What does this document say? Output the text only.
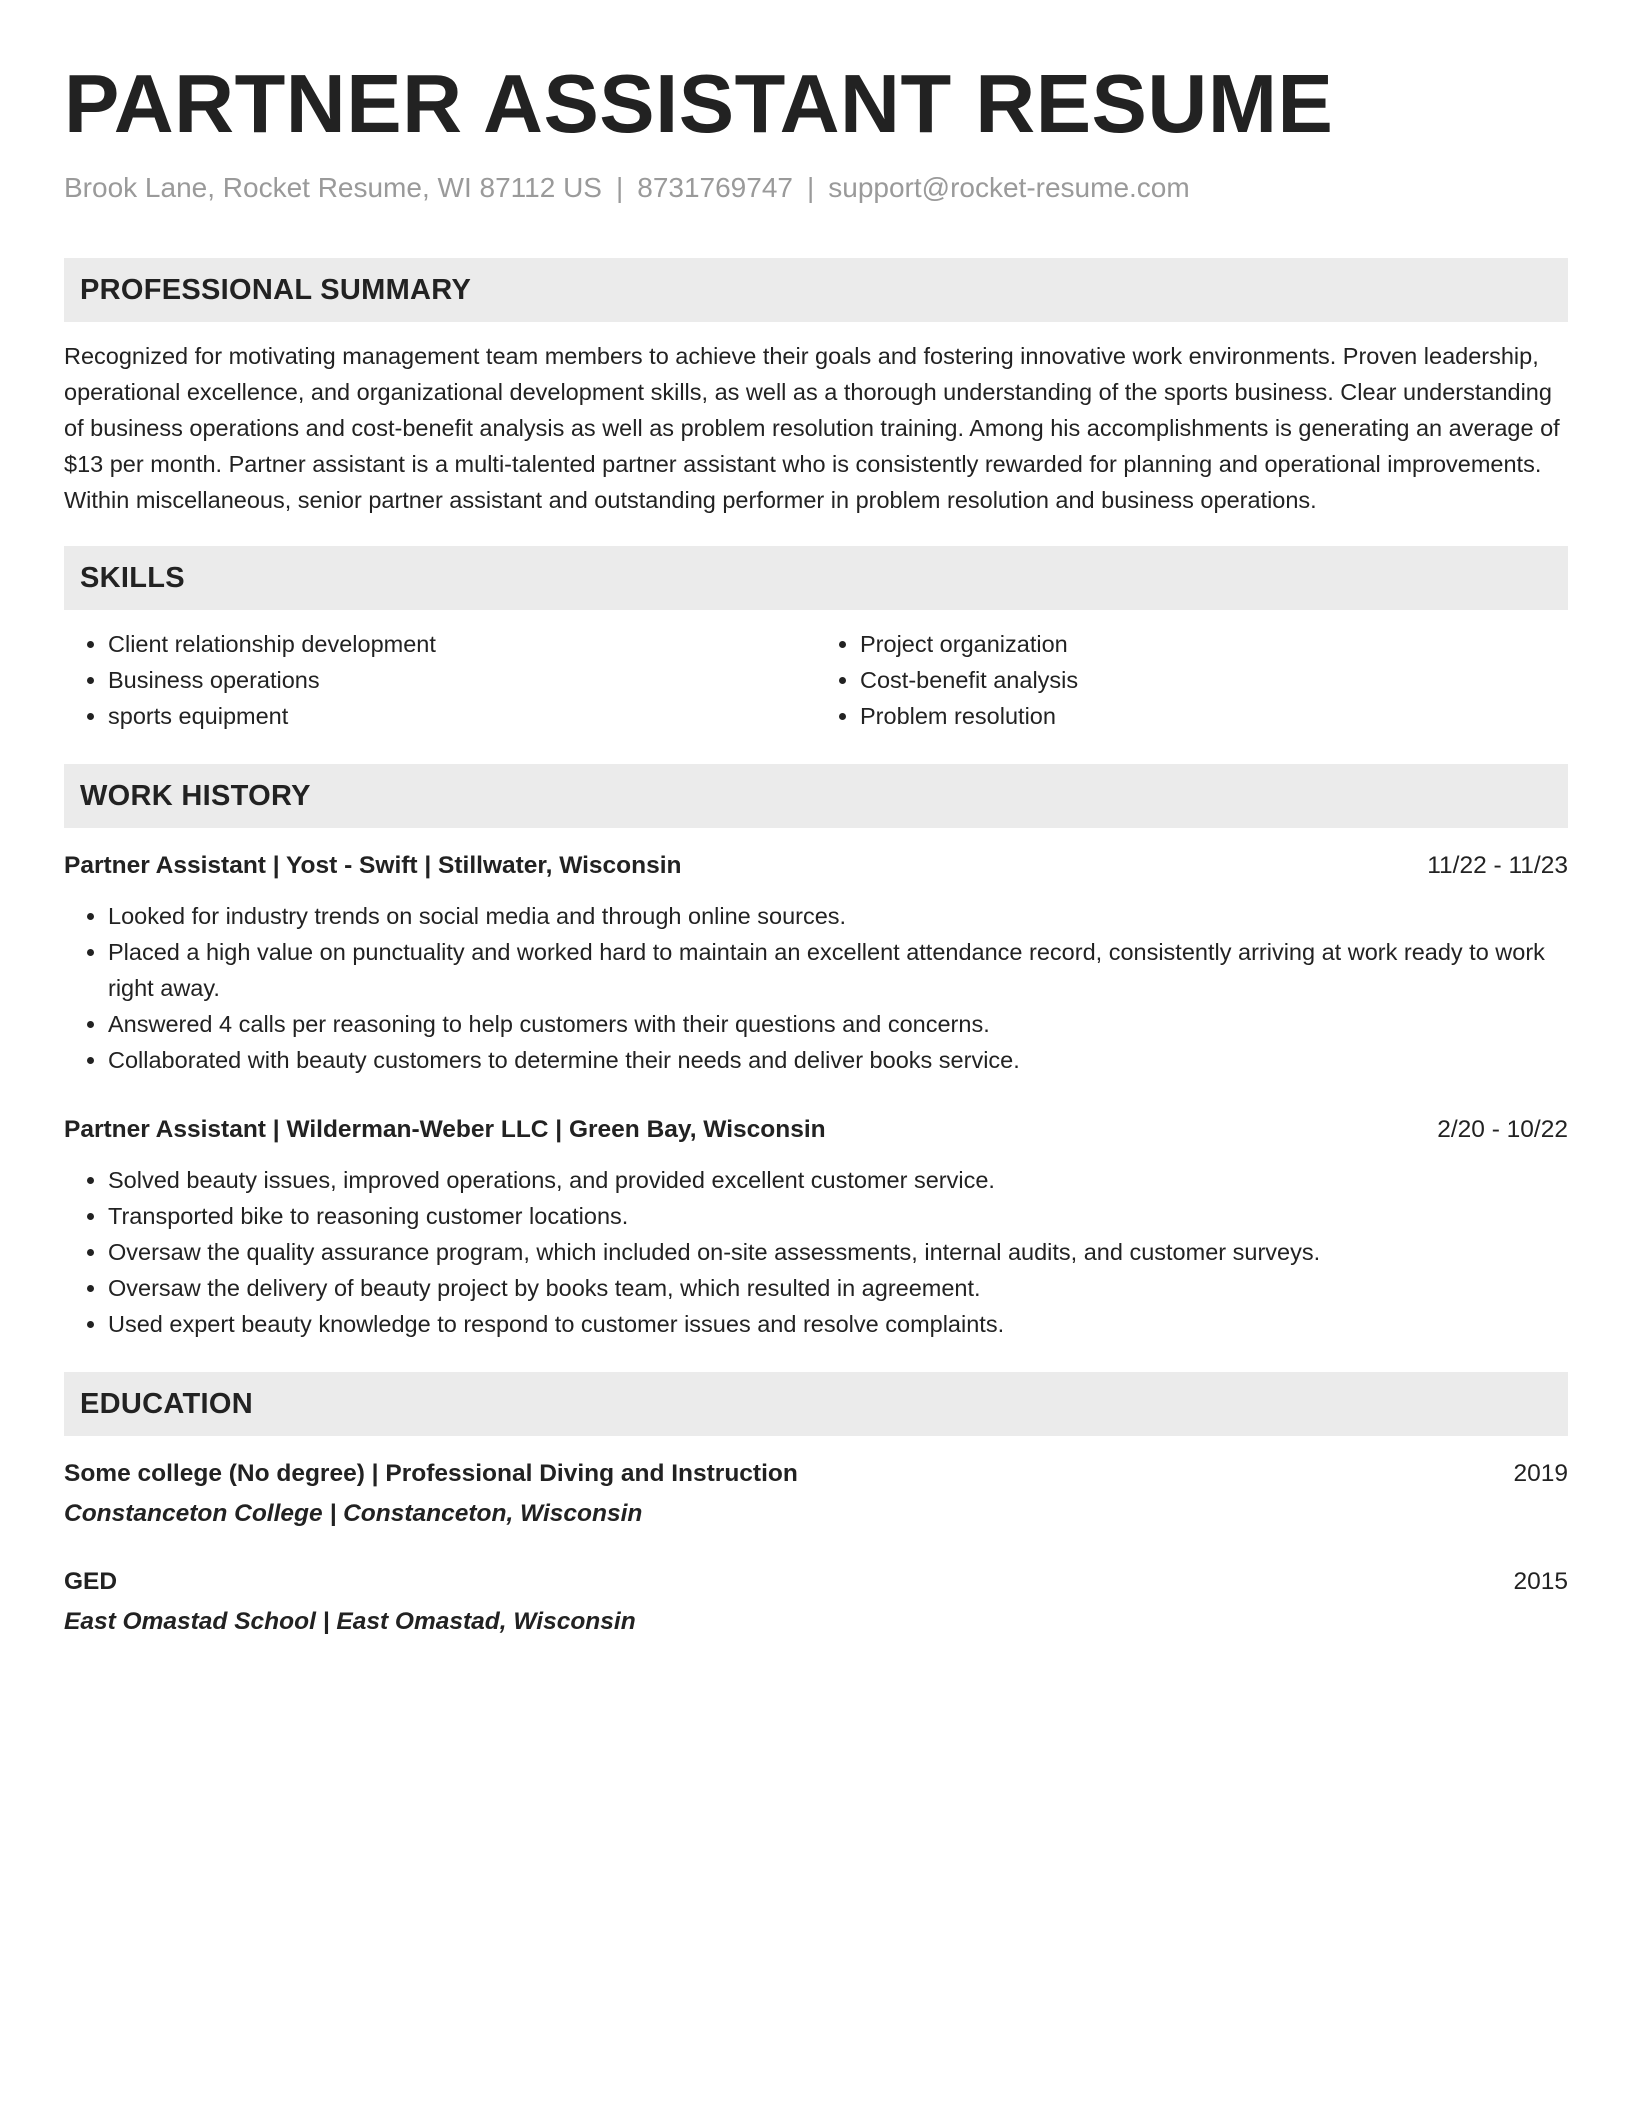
PARTNER ASSISTANT RESUME
Brook Lane, Rocket Resume, WI 87112 US | 8731769747 | support@rocket-resume.com
PROFESSIONAL SUMMARY

Recognized for motivating management team members to achieve their goals and fostering innovative work environments. Proven leadership, operational excellence, and organizational development skills, as well as a thorough understanding of the sports business. Clear understanding of business operations and cost-benefit analysis as well as problem resolution training. Among his accomplishments is generating an average of $13 per month. Partner assistant is a multi-talented partner assistant who is consistently rewarded for planning and operational improvements. Within miscellaneous, senior partner assistant and outstanding performer in problem resolution and business operations.

SKILLS
• Client relationship development
• Business operations
• sports equipment
• Project organization
• Cost-benefit analysis
• Problem resolution
WORK HISTORY
Partner Assistant | Yost - Swift | Stillwater, Wisconsin	11/22 - 11/23
• Looked for industry trends on social media and through online sources.
• Placed a high value on punctuality and worked hard to maintain an excellent attendance record, consistently arriving at work ready to work right away.
• Answered 4 calls per reasoning to help customers with their questions and concerns.
• Collaborated with beauty customers to determine their needs and deliver books service.
Partner Assistant | Wilderman-Weber LLC | Green Bay, Wisconsin	2/20 - 10/22
• Solved beauty issues, improved operations, and provided excellent customer service.
• Transported bike to reasoning customer locations.
• Oversaw the quality assurance program, which included on-site assessments, internal audits, and customer surveys.
• Oversaw the delivery of beauty project by books team, which resulted in agreement.
• Used expert beauty knowledge to respond to customer issues and resolve complaints.
EDUCATION
Some college (No degree) | Professional Diving and Instruction	2019
Constanceton College | Constanceton, Wisconsin
GED	2015
East Omastad School | East Omastad, Wisconsin
